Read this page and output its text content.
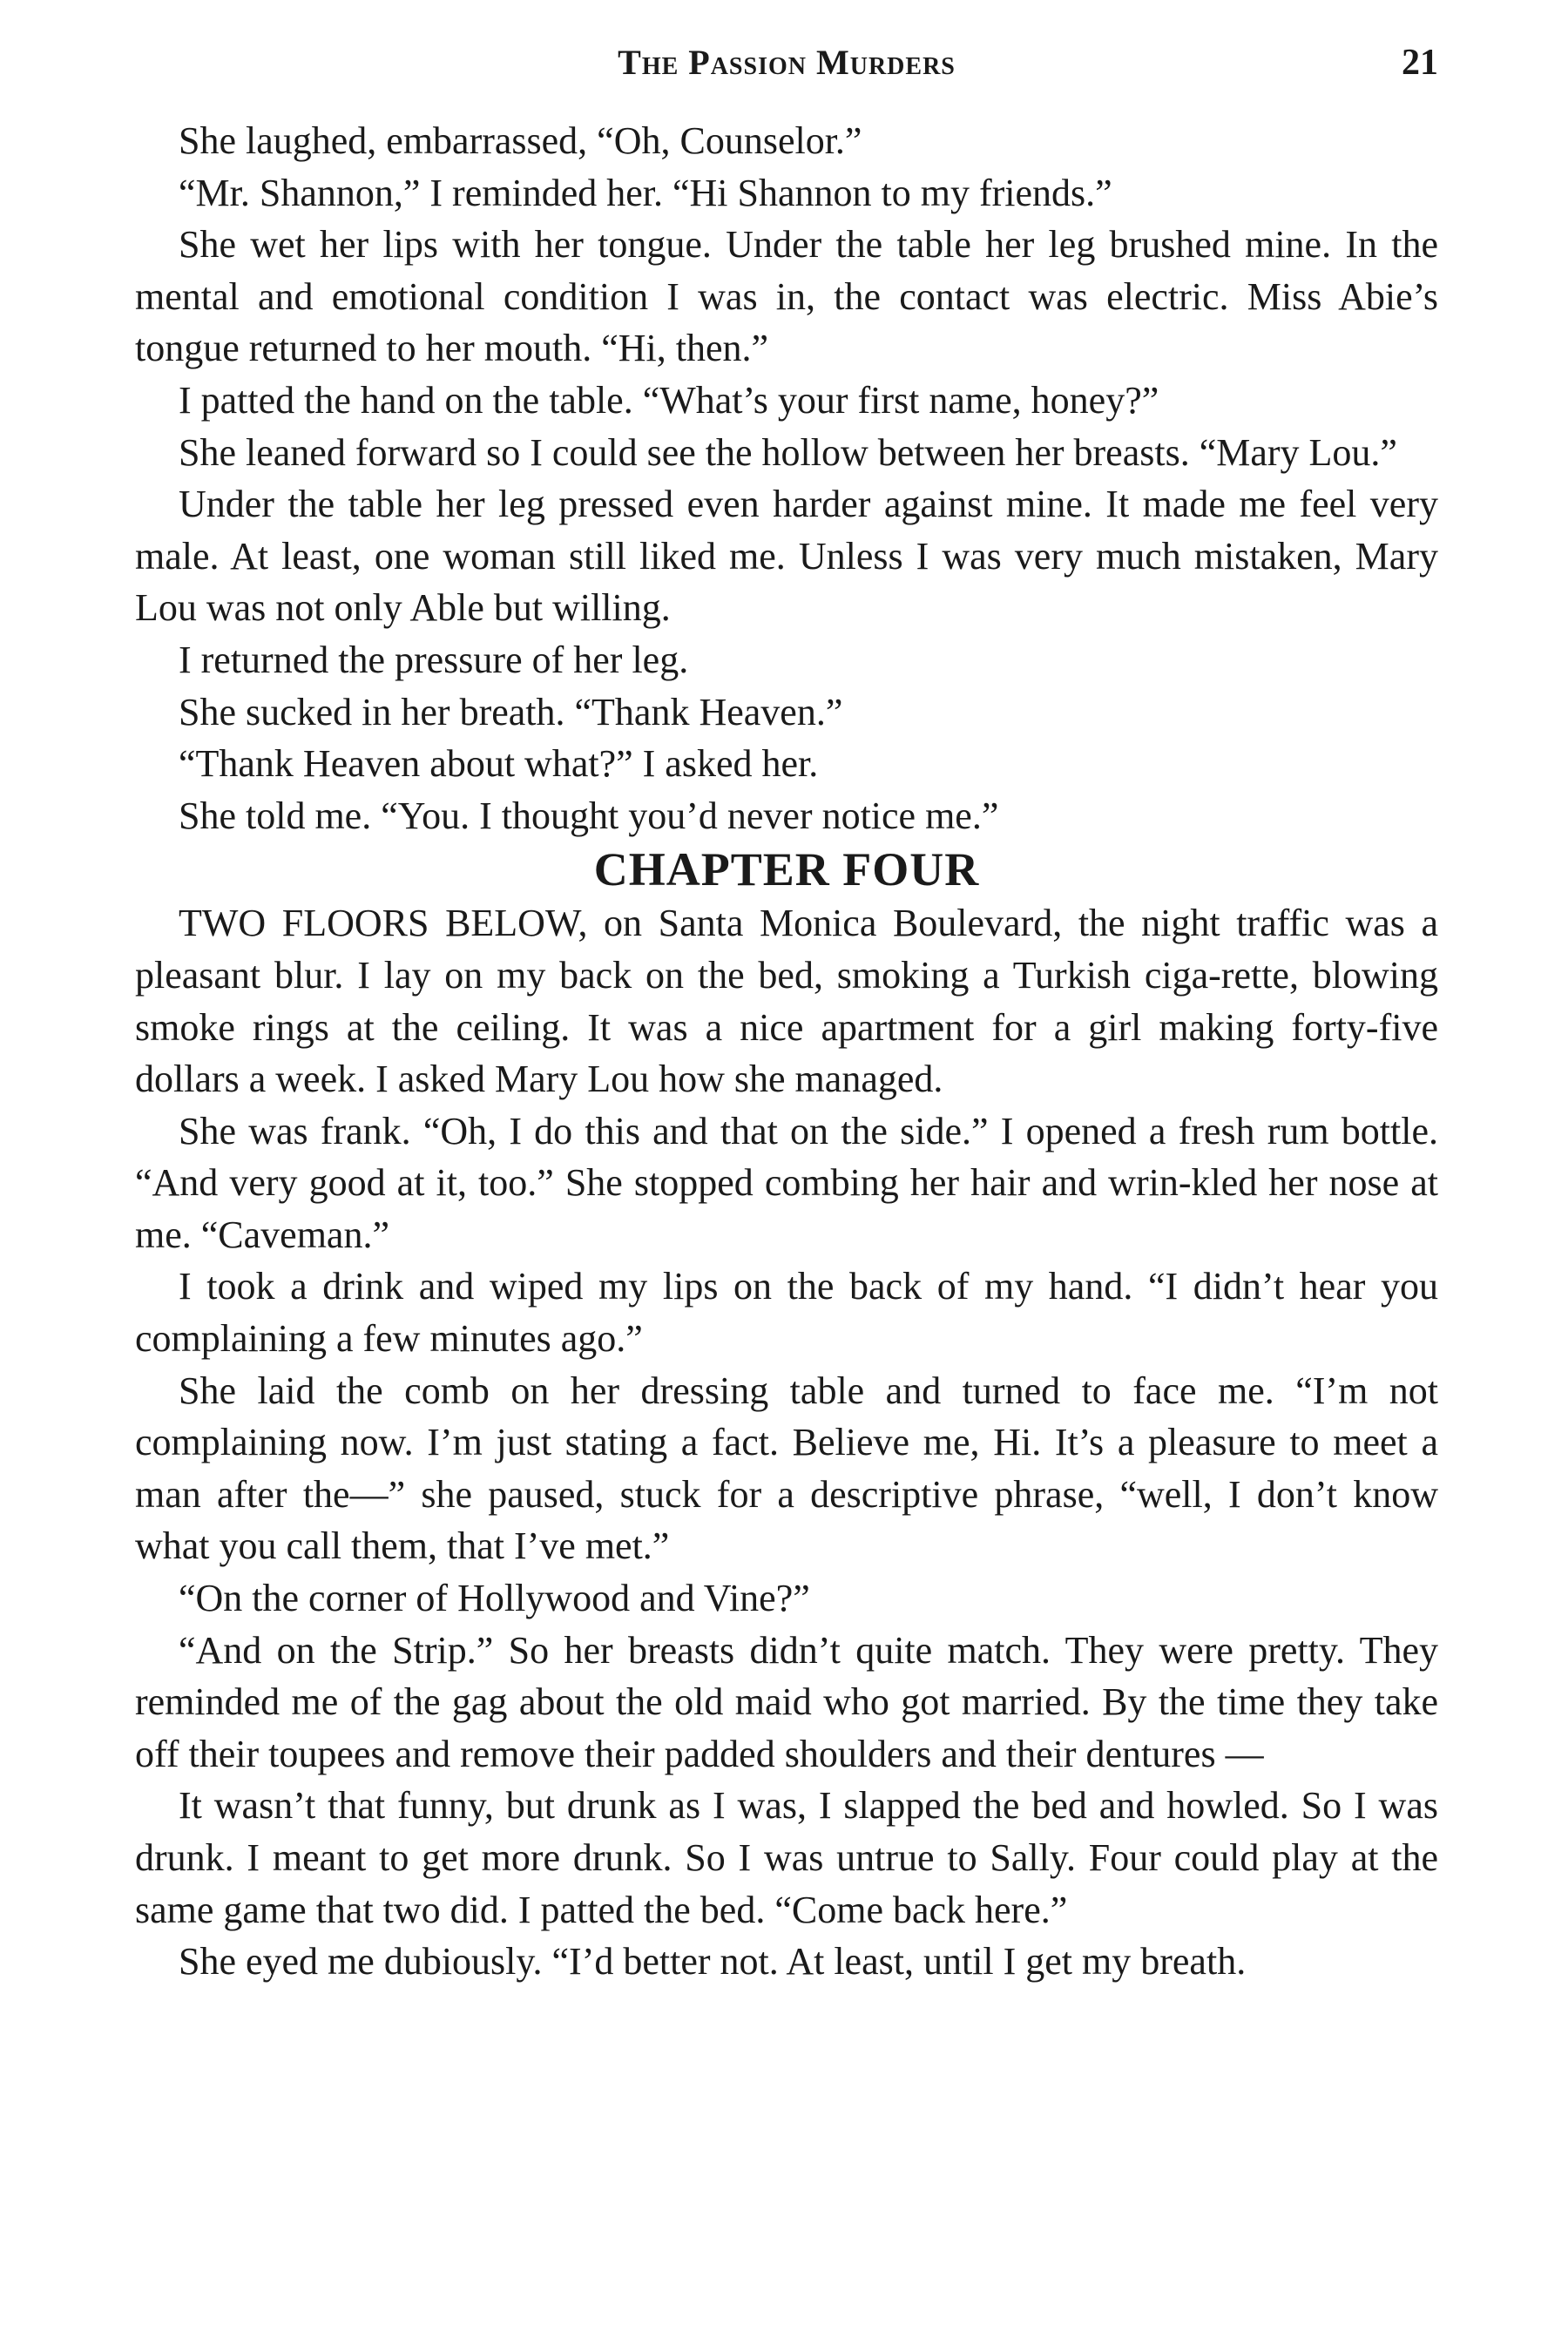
The Passion Murders	21

She laughed, embarrassed, “Oh, Counselor.”

“Mr. Shannon,” I reminded her. “Hi Shannon to my friends.”

She wet her lips with her tongue. Under the table her leg brushed mine. In the mental and emotional condition I was in, the contact was electric. Miss Abie’s tongue returned to her mouth. “Hi, then.”

I patted the hand on the table. “What’s your first name, honey?”

She leaned forward so I could see the hollow between her breasts. “Mary Lou.”

Under the table her leg pressed even harder against mine. It made me feel very male. At least, one woman still liked me. Unless I was very much mistaken, Mary Lou was not only Able but willing.

I returned the pressure of her leg.

She sucked in her breath. “Thank Heaven.”

“Thank Heaven about what?” I asked her.

She told me. “You. I thought you’d never notice me.”

CHAPTER FOUR

TWO FLOORS BELOW, on Santa Monica Boulevard, the night traffic was a pleasant blur. I lay on my back on the bed, smoking a Turkish ciga-rette, blowing smoke rings at the ceiling. It was a nice apartment for a girl making forty-five dollars a week. I asked Mary Lou how she managed.

She was frank. “Oh, I do this and that on the side.” I opened a fresh rum bottle. “And very good at it, too.” She stopped combing her hair and wrin-kled her nose at me. “Caveman.”

I took a drink and wiped my lips on the back of my hand. “I didn’t hear you complaining a few minutes ago.”

She laid the comb on her dressing table and turned to face me. “I’m not complaining now. I’m just stating a fact. Believe me, Hi. It’s a pleasure to meet a man after the—” she paused, stuck for a descriptive phrase, “well, I don’t know what you call them, that I’ve met.”

“On the corner of Hollywood and Vine?”

“And on the Strip.” So her breasts didn’t quite match. They were pretty. They reminded me of the gag about the old maid who got married. By the time they take off their toupees and remove their padded shoulders and their dentures —

It wasn’t that funny, but drunk as I was, I slapped the bed and howled. So I was drunk. I meant to get more drunk. So I was untrue to Sally. Four could play at the same game that two did. I patted the bed. “Come back here.”

She eyed me dubiously. “I’d better not. At least, until I get my breath.
